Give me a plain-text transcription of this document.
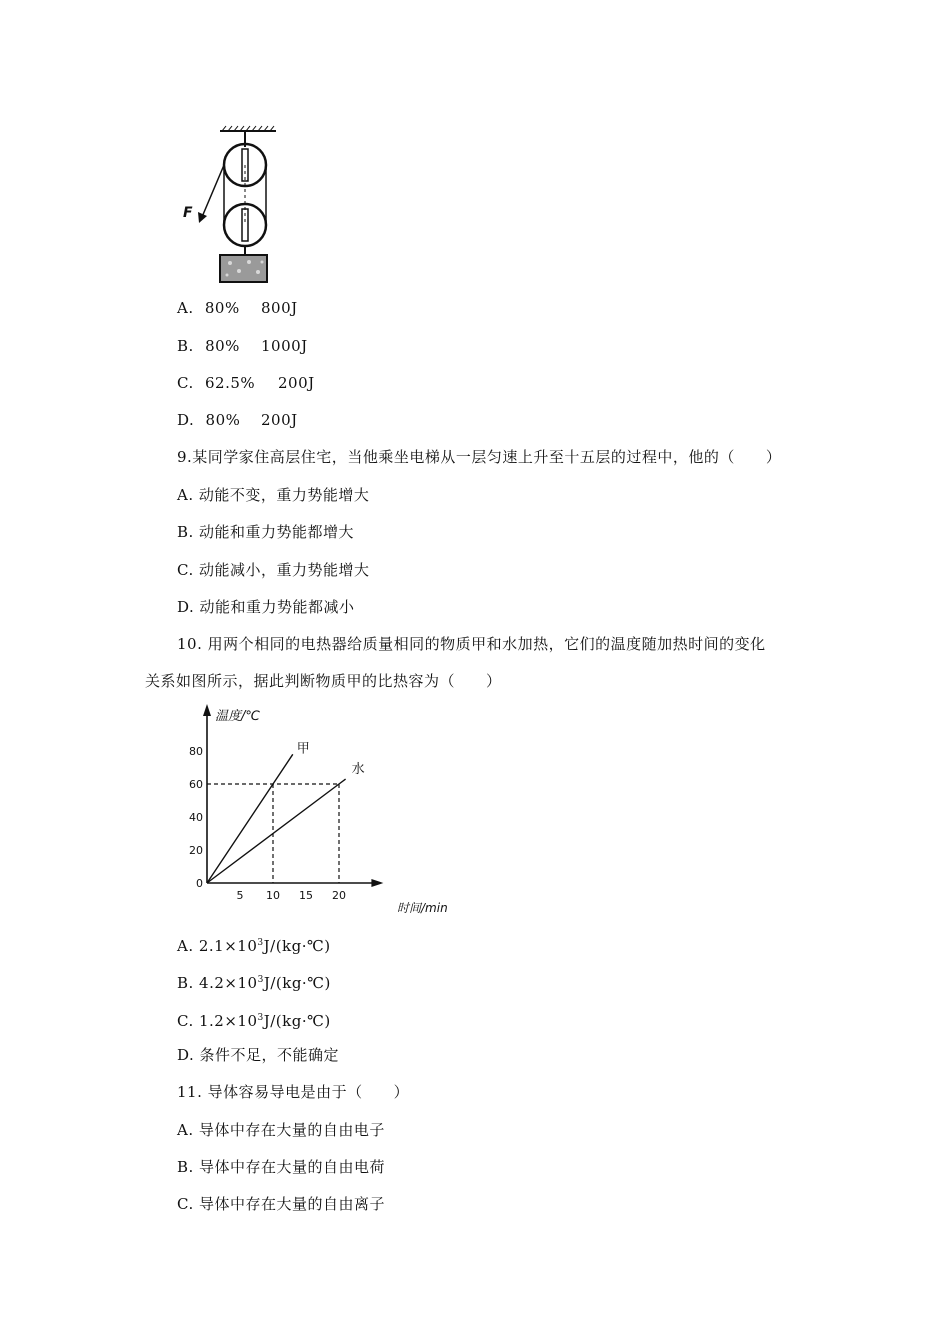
F
A. 80% 800J
B. 80% 1000J
C. 62.5% 200J
D. 80% 200J
9.某同学家住高层住宅，当他乘坐电梯从一层匀速上升至十五层的过程中，他的（　　）
A. 动能不变，重力势能增大
B. 动能和重力势能都增大
C. 动能减小，重力势能增大
D. 动能和重力势能都减小
10. 用两个相同的电热器给质量相同的物质甲和水加热，它们的温度随加热时间的变化
关系如图所示，据此判断物质甲的比热容为（　　）
温度/℃
时间/min
0
20
40
60
80
5 10 15 20
甲
水
A. $2.1\times 10^3J/(kg\cdot℃)$
B. $4.2\times 10^3J/(kg\cdot℃)$
C. $1.2\times 10^3J/(kg\cdot℃)$
D. 条件不足，不能确定
11. 导体容易导电是由于（　　）
A. 导体中存在大量的自由电子
B. 导体中存在大量的自由电荷
C. 导体中存在大量的自由离子
